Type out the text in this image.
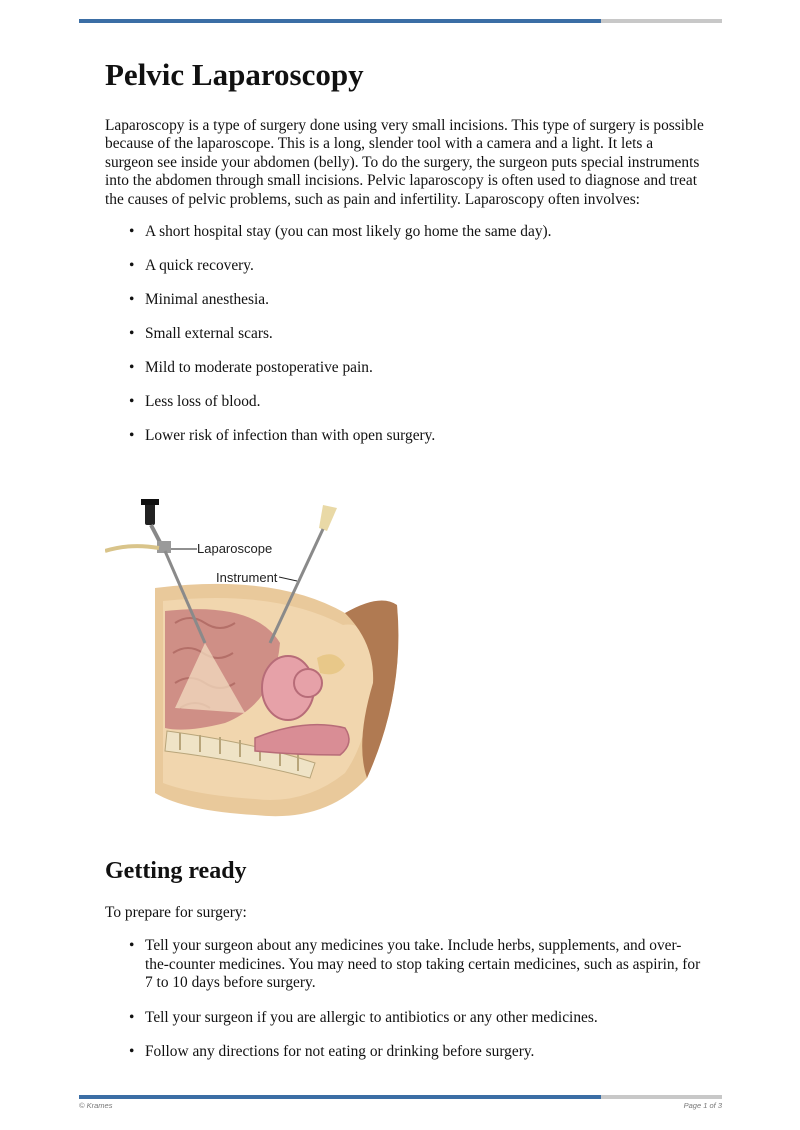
Pelvic Laparoscopy

Laparoscopy is a type of surgery done using very small incisions. This type of surgery is possible because of the laparoscope. This is a long, slender tool with a camera and a light. It lets a surgeon see inside your abdomen (belly). To do the surgery, the surgeon puts special instruments into the abdomen through small incisions. Pelvic laparoscopy is often used to diagnose and treat the causes of pelvic problems, such as pain and infertility. Laparoscopy often involves:

• A short hospital stay (you can most likely go home the same day).
• A quick recovery.
• Minimal anesthesia.
• Small external scars.
• Mild to moderate postoperative pain.
• Less loss of blood.
• Lower risk of infection than with open surgery.
Laparoscope
Instrument
Getting ready

To prepare for surgery:

• Tell your surgeon about any medicines you take. Include herbs, supplements, and over-the-counter medicines. You may need to stop taking certain medicines, such as aspirin, for 7 to 10 days before surgery.
• Tell your surgeon if you are allergic to antibiotics or any other medicines.
• Follow any directions for not eating or drinking before surgery.
© Krames	Page 1 of 3
